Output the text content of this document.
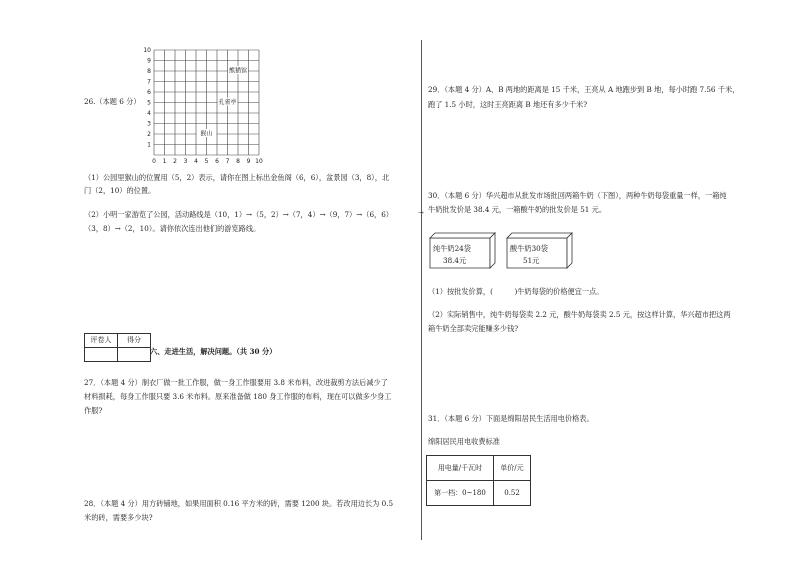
0 1 2 3 4 5 6 7 8 9 10
1
2
3
4
5
6
7
8
9
10
熊猫馆
孔雀亭
猴山
26.（本题 6 分）
（1）公园里猴山的位置用（5，2）表示，请你在图上标出金鱼阁（6，6），盆景园（3，8），北
门（2，10）的位置。
（2）小明一家游览了公园，活动路线是（10，1）→（5，2）→（7，4）→（9，7）→（6，6）
（3，8）→（2，10）。请你依次连出他们的游览路线。
评卷人	得分

六、走进生活，解决问题。（共 30 分）
27．（本题 4 分）制衣厂做一批工作服，做一身工作服要用 3.8 米布料，改进裁剪方法后减少了
材料损耗，每身工作服只要 3.6 米布料。原来准备做 180 身工作服的布料，现在可以做多少身工
作服?
28．（本题 4 分）用方砖铺地，如果用面积 0.16 平方米的砖，需要 1200 块。若改用边长为 0.5
米的砖，需要多少块?
→
29．（本题 4 分）A、B 两地的距离是 15 千米，王亮从 A 地跑步到 B 地，每小时跑 7.56 千米，
跑了 1.5 小时，这时王亮距离 B 地还有多少千米?
30．（本题 6 分）华兴超市从批发市场批回两箱牛奶（下图），两种牛奶每袋重量一样，一箱纯
牛奶批发价是 38.4 元，一箱酸牛奶的批发价是 51 元。
纯牛奶24袋
38.4元
酸牛奶30袋
51元
（1）按批发价算，(　　　)牛奶每袋的价格便宜一点。
（2）实际销售中，纯牛奶每袋卖 2.2 元，酸牛奶每袋卖 2.5 元，按这样计算，华兴超市把这两
箱牛奶全部卖完能赚多少钱?
31．（本题 6 分）下面是绵阳居民生活用电价格表。
绵阳居民用电收费标准
用电量/千瓦时	单价/元
第一档：0~180	0.52
